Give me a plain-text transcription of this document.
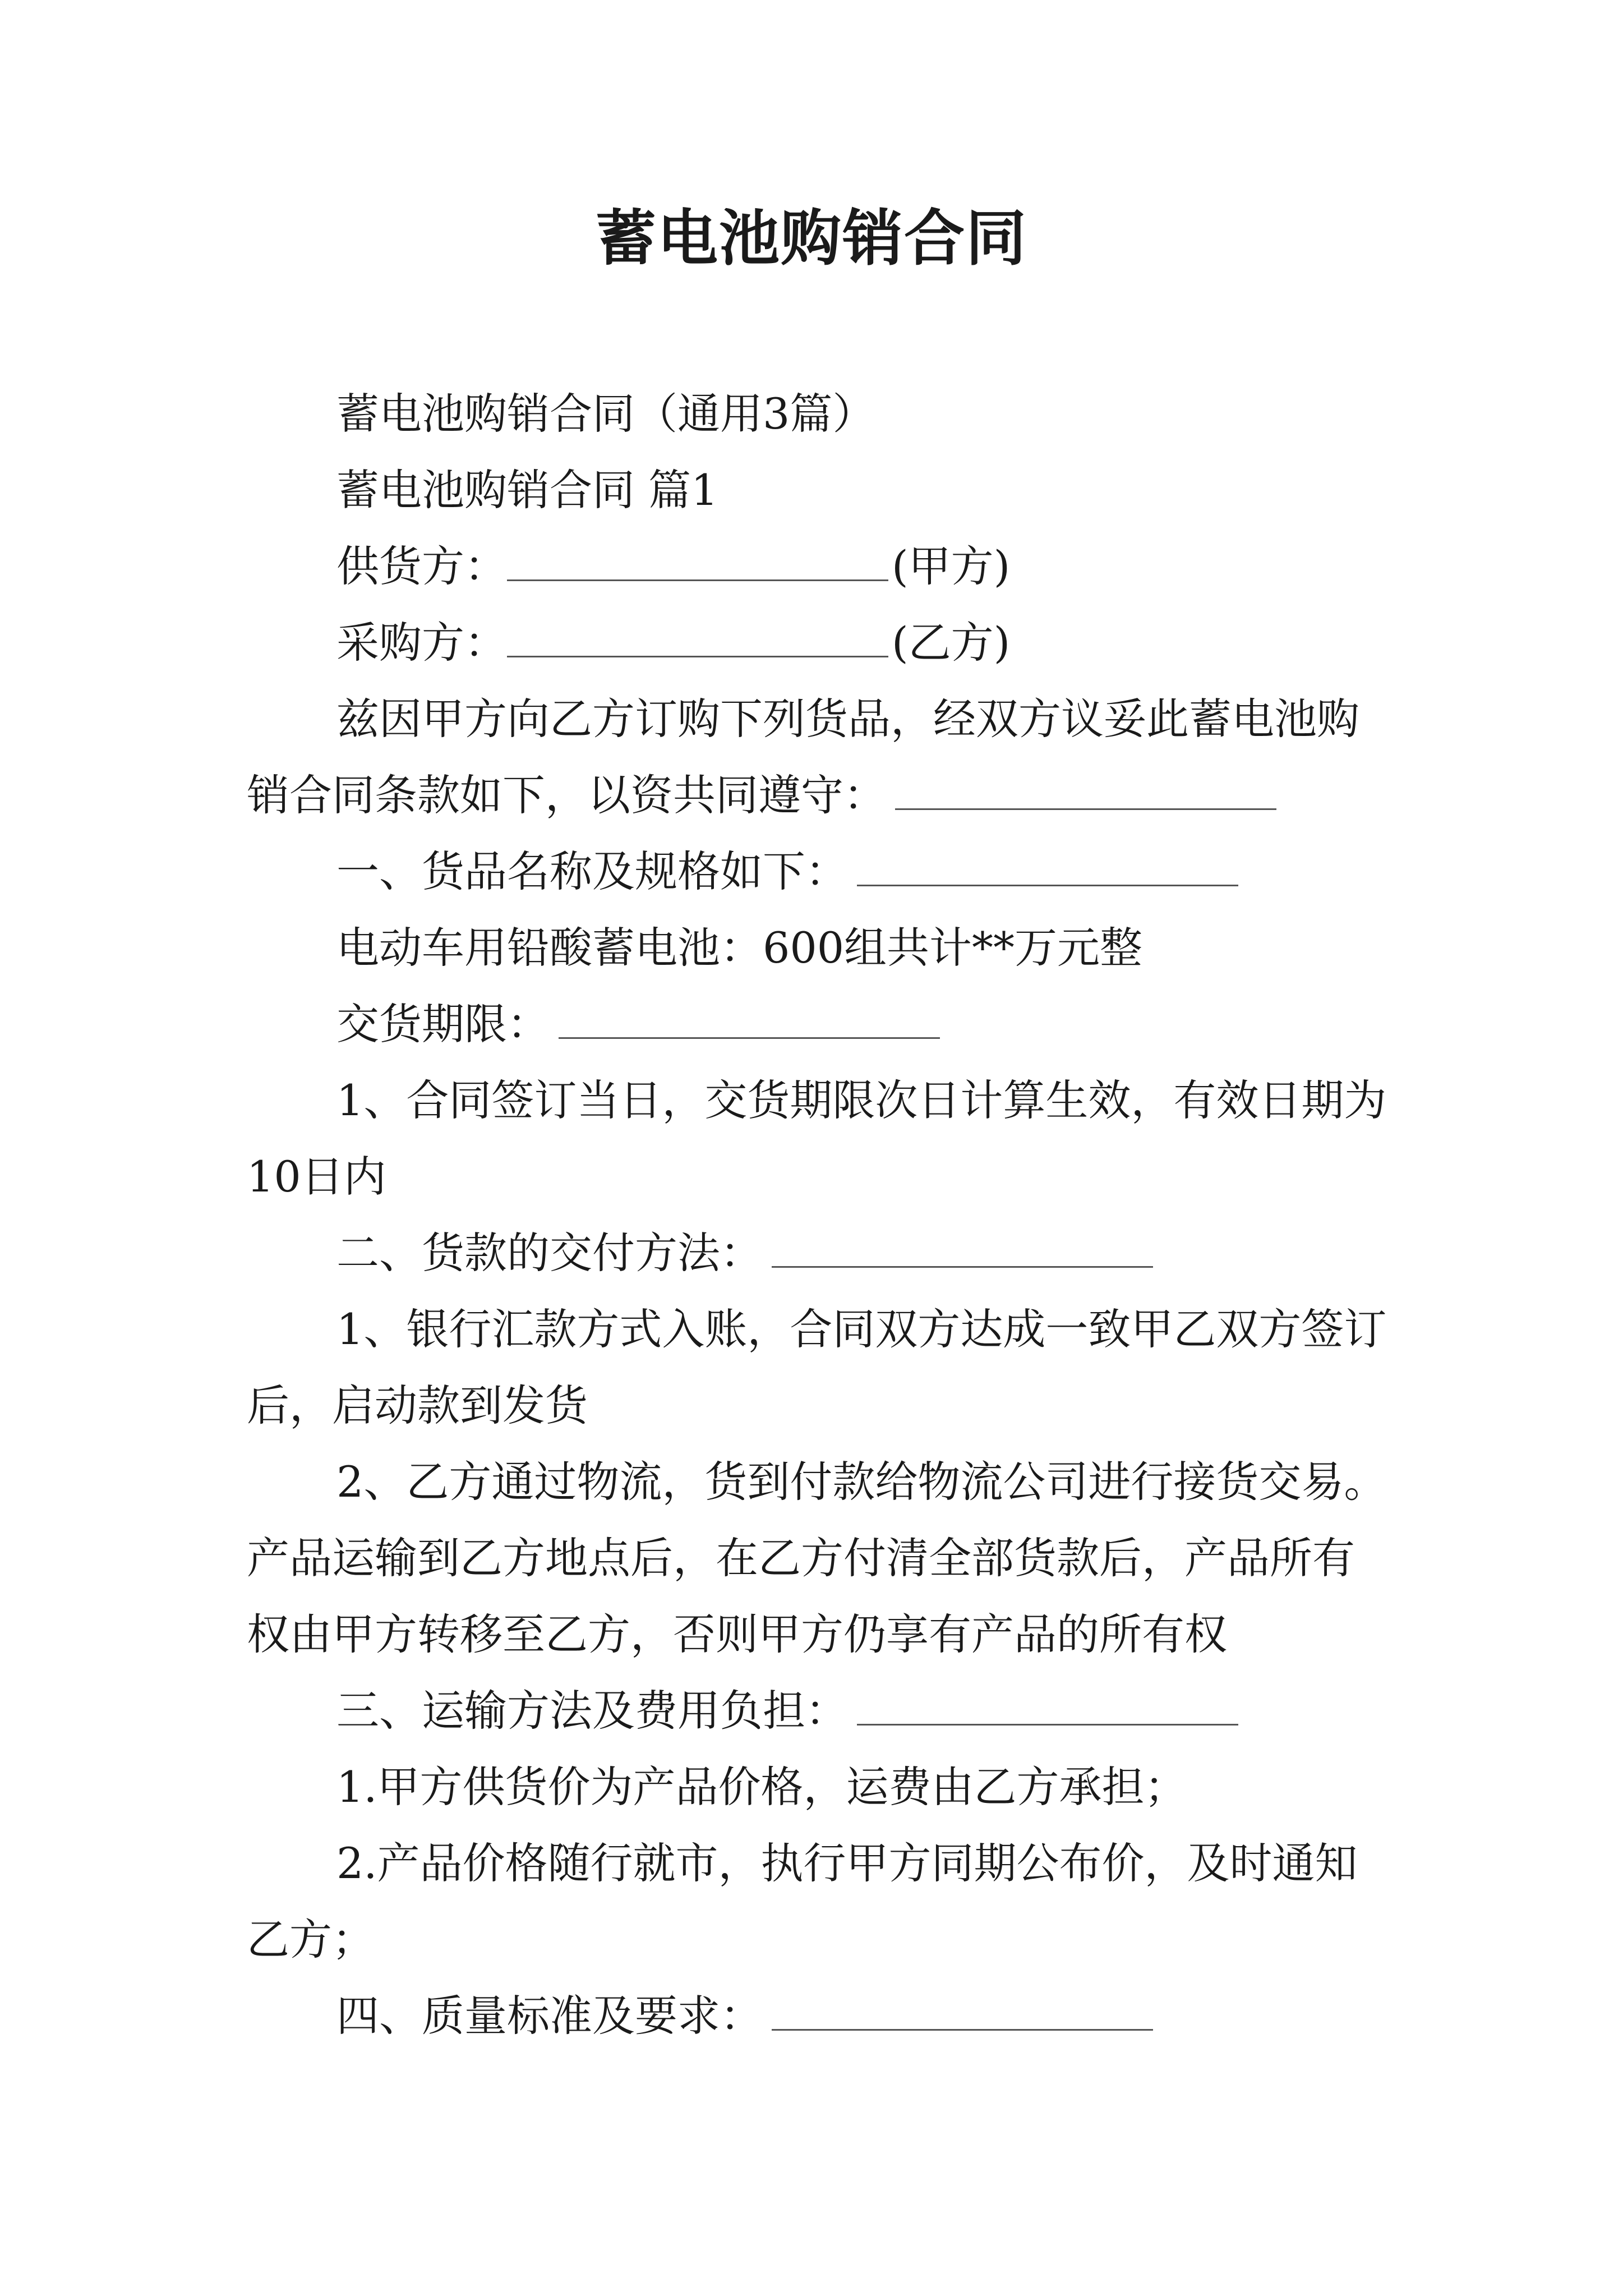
蓄电池购销合同

蓄电池购销合同（通用3篇）

蓄电池购销合同 篇1

供货方：	(甲方)

采购方：	(乙方)

兹因甲方向乙方订购下列货品，经双方议妥此蓄电池购销合同条款如下，以资共同遵守：

一、货品名称及规格如下：

电动车用铅酸蓄电池：600组共计**万元整

交货期限：

1、合同签订当日，交货期限次日计算生效，有效日期为10日内

二、货款的交付方法：

1、银行汇款方式入账，合同双方达成一致甲乙双方签订后，启动款到发货

2、乙方通过物流，货到付款给物流公司进行接货交易。产品运输到乙方地点后，在乙方付清全部货款后，产品所有权由甲方转移至乙方，否则甲方仍享有产品的所有权

三、运输方法及费用负担：

1.甲方供货价为产品价格，运费由乙方承担；

2.产品价格随行就市，执行甲方同期公布价，及时通知乙方；

四、质量标准及要求：
